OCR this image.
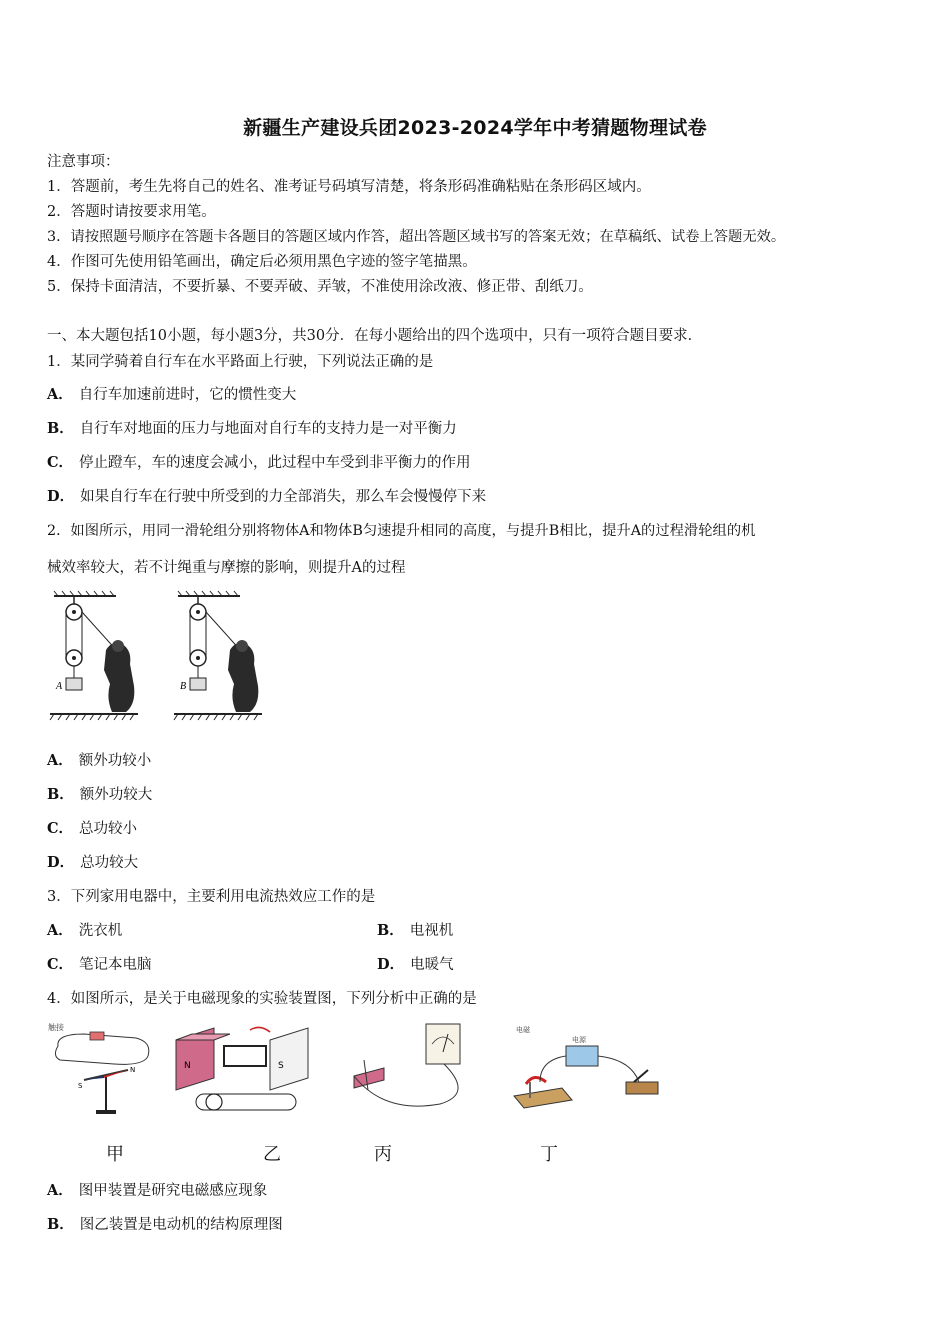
新疆生产建设兵团2023-2024学年中考猜题物理试卷
注意事项：
1．答题前，考生先将自己的姓名、准考证号码填写清楚，将条形码准确粘贴在条形码区域内。
2．答题时请按要求用笔。
3．请按照题号顺序在答题卡各题目的答题区域内作答，超出答题区域书写的答案无效；在草稿纸、试卷上答题无效。
4．作图可先使用铅笔画出，确定后必须用黑色字迹的签字笔描黑。
5．保持卡面清洁，不要折暴、不要弄破、弄皱，不准使用涂改液、修正带、刮纸刀。
一、本大题包括10小题，每小题3分，共30分．在每小题给出的四个选项中，只有一项符合题目要求．
1．某同学骑着自行车在水平路面上行驶，下列说法正确的是
A． 自行车加速前进时，它的惯性变大
B． 自行车对地面的压力与地面对自行车的支持力是一对平衡力
C． 停止蹬车，车的速度会减小，此过程中车受到非平衡力的作用
D． 如果自行车在行驶中所受到的力全部消失，那么车会慢慢停下来
2．如图所示，用同一滑轮组分别将物体A和物体B匀速提升相同的高度，与提升B相比，提升A的过程滑轮组的机
械效率较大，若不计绳重与摩擦的影响，则提升A的过程
A	B
A． 额外功较小
B． 额外功较大
C． 总功较小
D． 总功较大
3．下列家用电器中，主要利用电流热效应工作的是
A． 洗衣机	B． 电视机
C． 笔记本电脑	D． 电暖气
4．如图所示，是关于电磁现象的实验装置图，下列分析中正确的是
触接
S
N	N	S
电磁
电源
甲	乙	丙	丁
A． 图甲装置是研究电磁感应现象
B． 图乙装置是电动机的结构原理图
